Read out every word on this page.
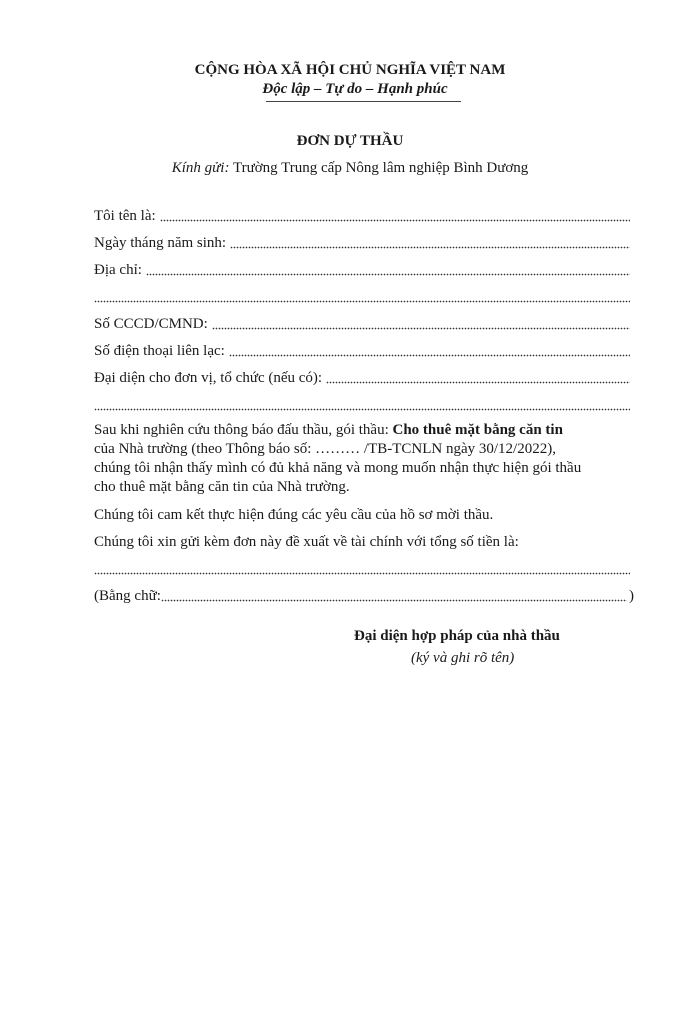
CỘNG HÒA XÃ HỘI CHỦ NGHĨA VIỆT NAM
Độc lập – Tự do – Hạnh phúc
ĐƠN DỰ THẦU
Kính gửi: Trường Trung cấp Nông lâm nghiệp Bình Dương
Tôi tên là:
Ngày tháng năm sinh:
Địa chỉ:
Số CCCD/CMND:
Số điện thoại liên lạc:
Đại diện cho đơn vị, tổ chức (nếu có):
Sau khi nghiên cứu thông báo đấu thầu, gói thầu: Cho thuê mặt bằng căn tin
của Nhà trường (theo Thông báo số: ……… /TB-TCNLN ngày 30/12/2022),
chúng tôi nhận thấy mình có đủ khả năng và mong muốn nhận thực hiện gói thầu
cho thuê mặt bằng căn tin của Nhà trường.
Chúng tôi cam kết thực hiện đúng các yêu cầu của hồ sơ mời thầu.
Chúng tôi xin gửi kèm đơn này đề xuất về tài chính với tổng số tiền là:
(Bằng chữ:	)
Đại diện hợp pháp của nhà thầu
(ký và ghi rõ tên)
